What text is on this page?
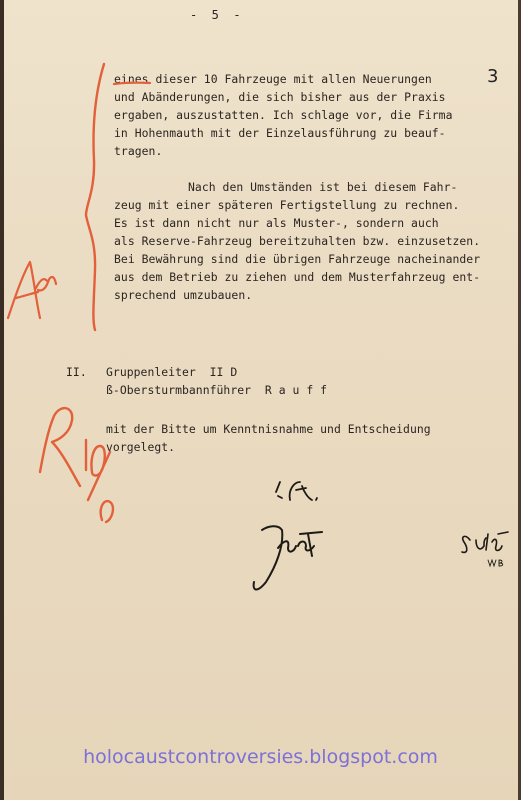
-  5  -
3
eines dieser 10 Fahrzeuge mit allen Neuerungen
und Abänderungen, die sich bisher aus der Praxis
ergaben, auszustatten. Ich schlage vor, die Firma
in Hohenmauth mit der Einzelausführung zu beauf-
tragen.
Nach den Umständen ist bei diesem Fahr-
zeug mit einer späteren Fertigstellung zu rechnen.
Es ist dann nicht nur als Muster-, sondern auch
als Reserve-Fahrzeug bereitzuhalten bzw. einzusetzen.
Bei Bewährung sind die übrigen Fahrzeuge nacheinander
aus dem Betrieb zu ziehen und dem Musterfahrzeug ent-
sprechend umzubauen.
II. Gruppenleiter  II D
ß-Obersturmbannführer  R a u f f
mit der Bitte um Kenntnisnahme und Entscheidung
vorgelegt.
holocaustcontroversies.blogspot.com
